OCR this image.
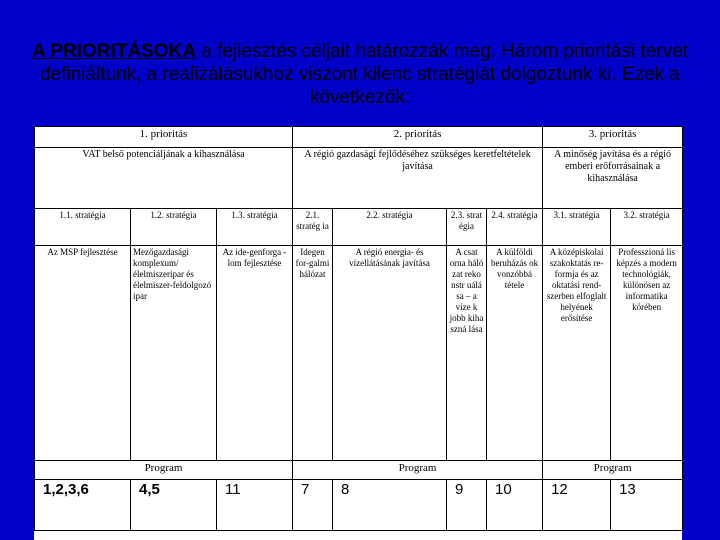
A PRIORITÁSOKA a fejlesztés céljait határozzák meg. Három prioritási tervet definiáltunk, a realizálásukhoz viszont kilenc stratégiát dolgoztunk ki. Ezek a következők:
1. prioritás			2. prioritás				3. prioritás	
VAT belső potenciáljának a kihasználása			A régió gazdasági fejlődéséhez szükséges keretfeltételek javítása				A minőség javítása és a régió emberi erőforrásainak a kihasználása	
1.1. stratégia	1.2. stratégia	1.3. stratégia	2.1. stratég ia	2.2. stratégia	2.3. strat égia	2.4. stratégia	3.1. stratégia	3.2. stratégia
Az MSP fejlesztése	Mezőgazdasági komplexum/ élelmiszeripar és élelmiszer-feldolgozó ipar	Az ide-genforga -lom fejlesztése	Idegen for-galmi hálózat	A régió energia- és vízellátásának javítása	A csat orna háló zat reko nstr uálá sa – a víze k jobb kiha szná lása	A külföldi beruházás ok vonzóbbá tétele	A középiskolai szakoktatás re-formja és az oktatási rend-szerben elfoglalt helyének erősítése	Professzioná lis képzés a modern technológiák, különösen az informatika körében
Program			Program				Program	
1,2,3,6	4,5	11	7	8	9	10	12	13
